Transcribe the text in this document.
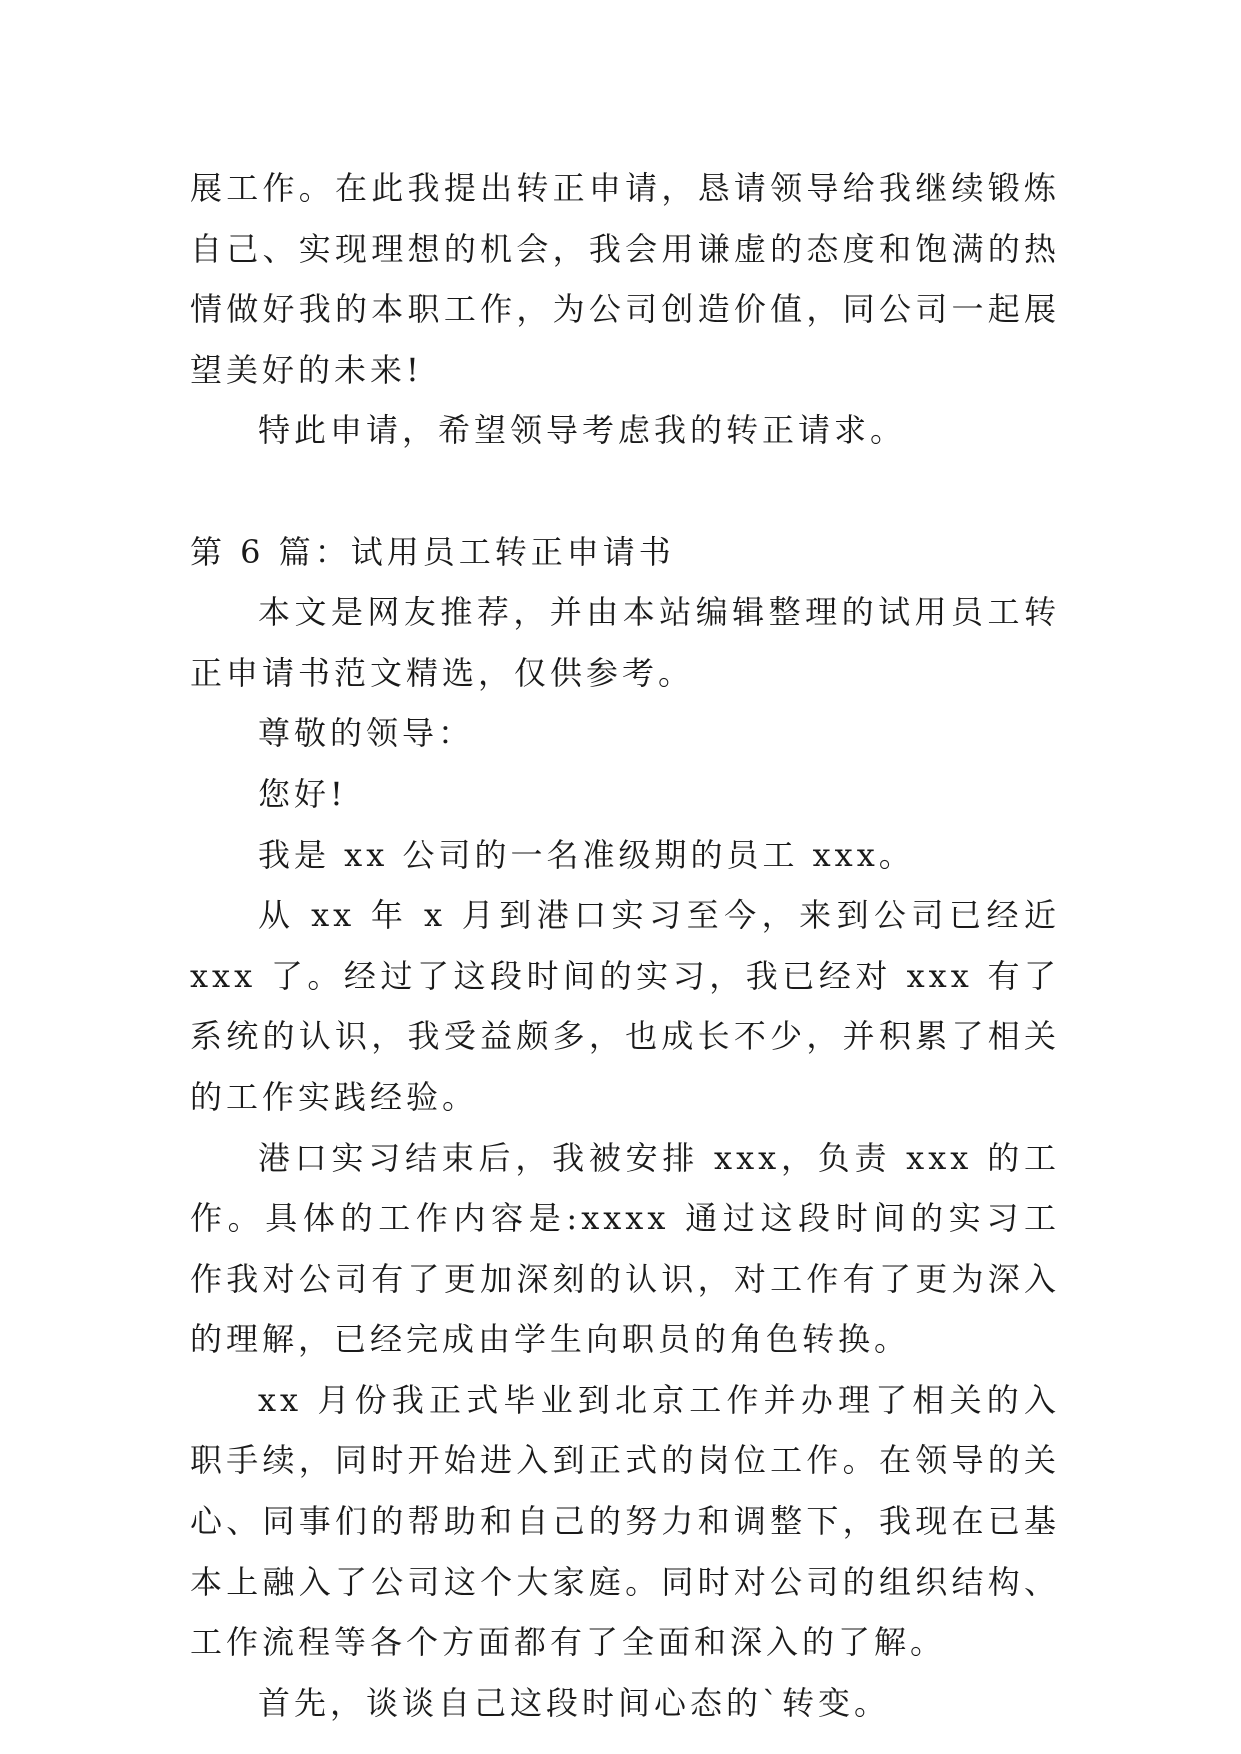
展工作。在此我提出转正申请，恳请领导给我继续锻炼自己、实现理想的机会，我会用谦虚的态度和饱满的热情做好我的本职工作，为公司创造价值，同公司一起展望美好的未来!

特此申请，希望领导考虑我的转正请求。

第 6 篇：试用员工转正申请书

本文是网友推荐，并由本站编辑整理的试用员工转正申请书范文精选，仅供参考。

尊敬的领导：

您好!

我是 xx 公司的一名准级期的员工 xxx。

从 xx 年 x 月到港口实习至今，来到公司已经近 xxx 了。经过了这段时间的实习，我已经对 xxx 有了系统的认识，我受益颇多，也成长不少，并积累了相关的工作实践经验。

港口实习结束后，我被安排 xxx，负责 xxx 的工作。具体的工作内容是:xxxx 通过这段时间的实习工作我对公司有了更加深刻的认识，对工作有了更为深入的理解，已经完成由学生向职员的角色转换。

xx 月份我正式毕业到北京工作并办理了相关的入职手续，同时开始进入到正式的岗位工作。在领导的关心、同事们的帮助和自己的努力和调整下，我现在已基本上融入了公司这个大家庭。同时对公司的组织结构、工作流程等各个方面都有了全面和深入的了解。

首先，谈谈自己这段时间心态的`转变。
